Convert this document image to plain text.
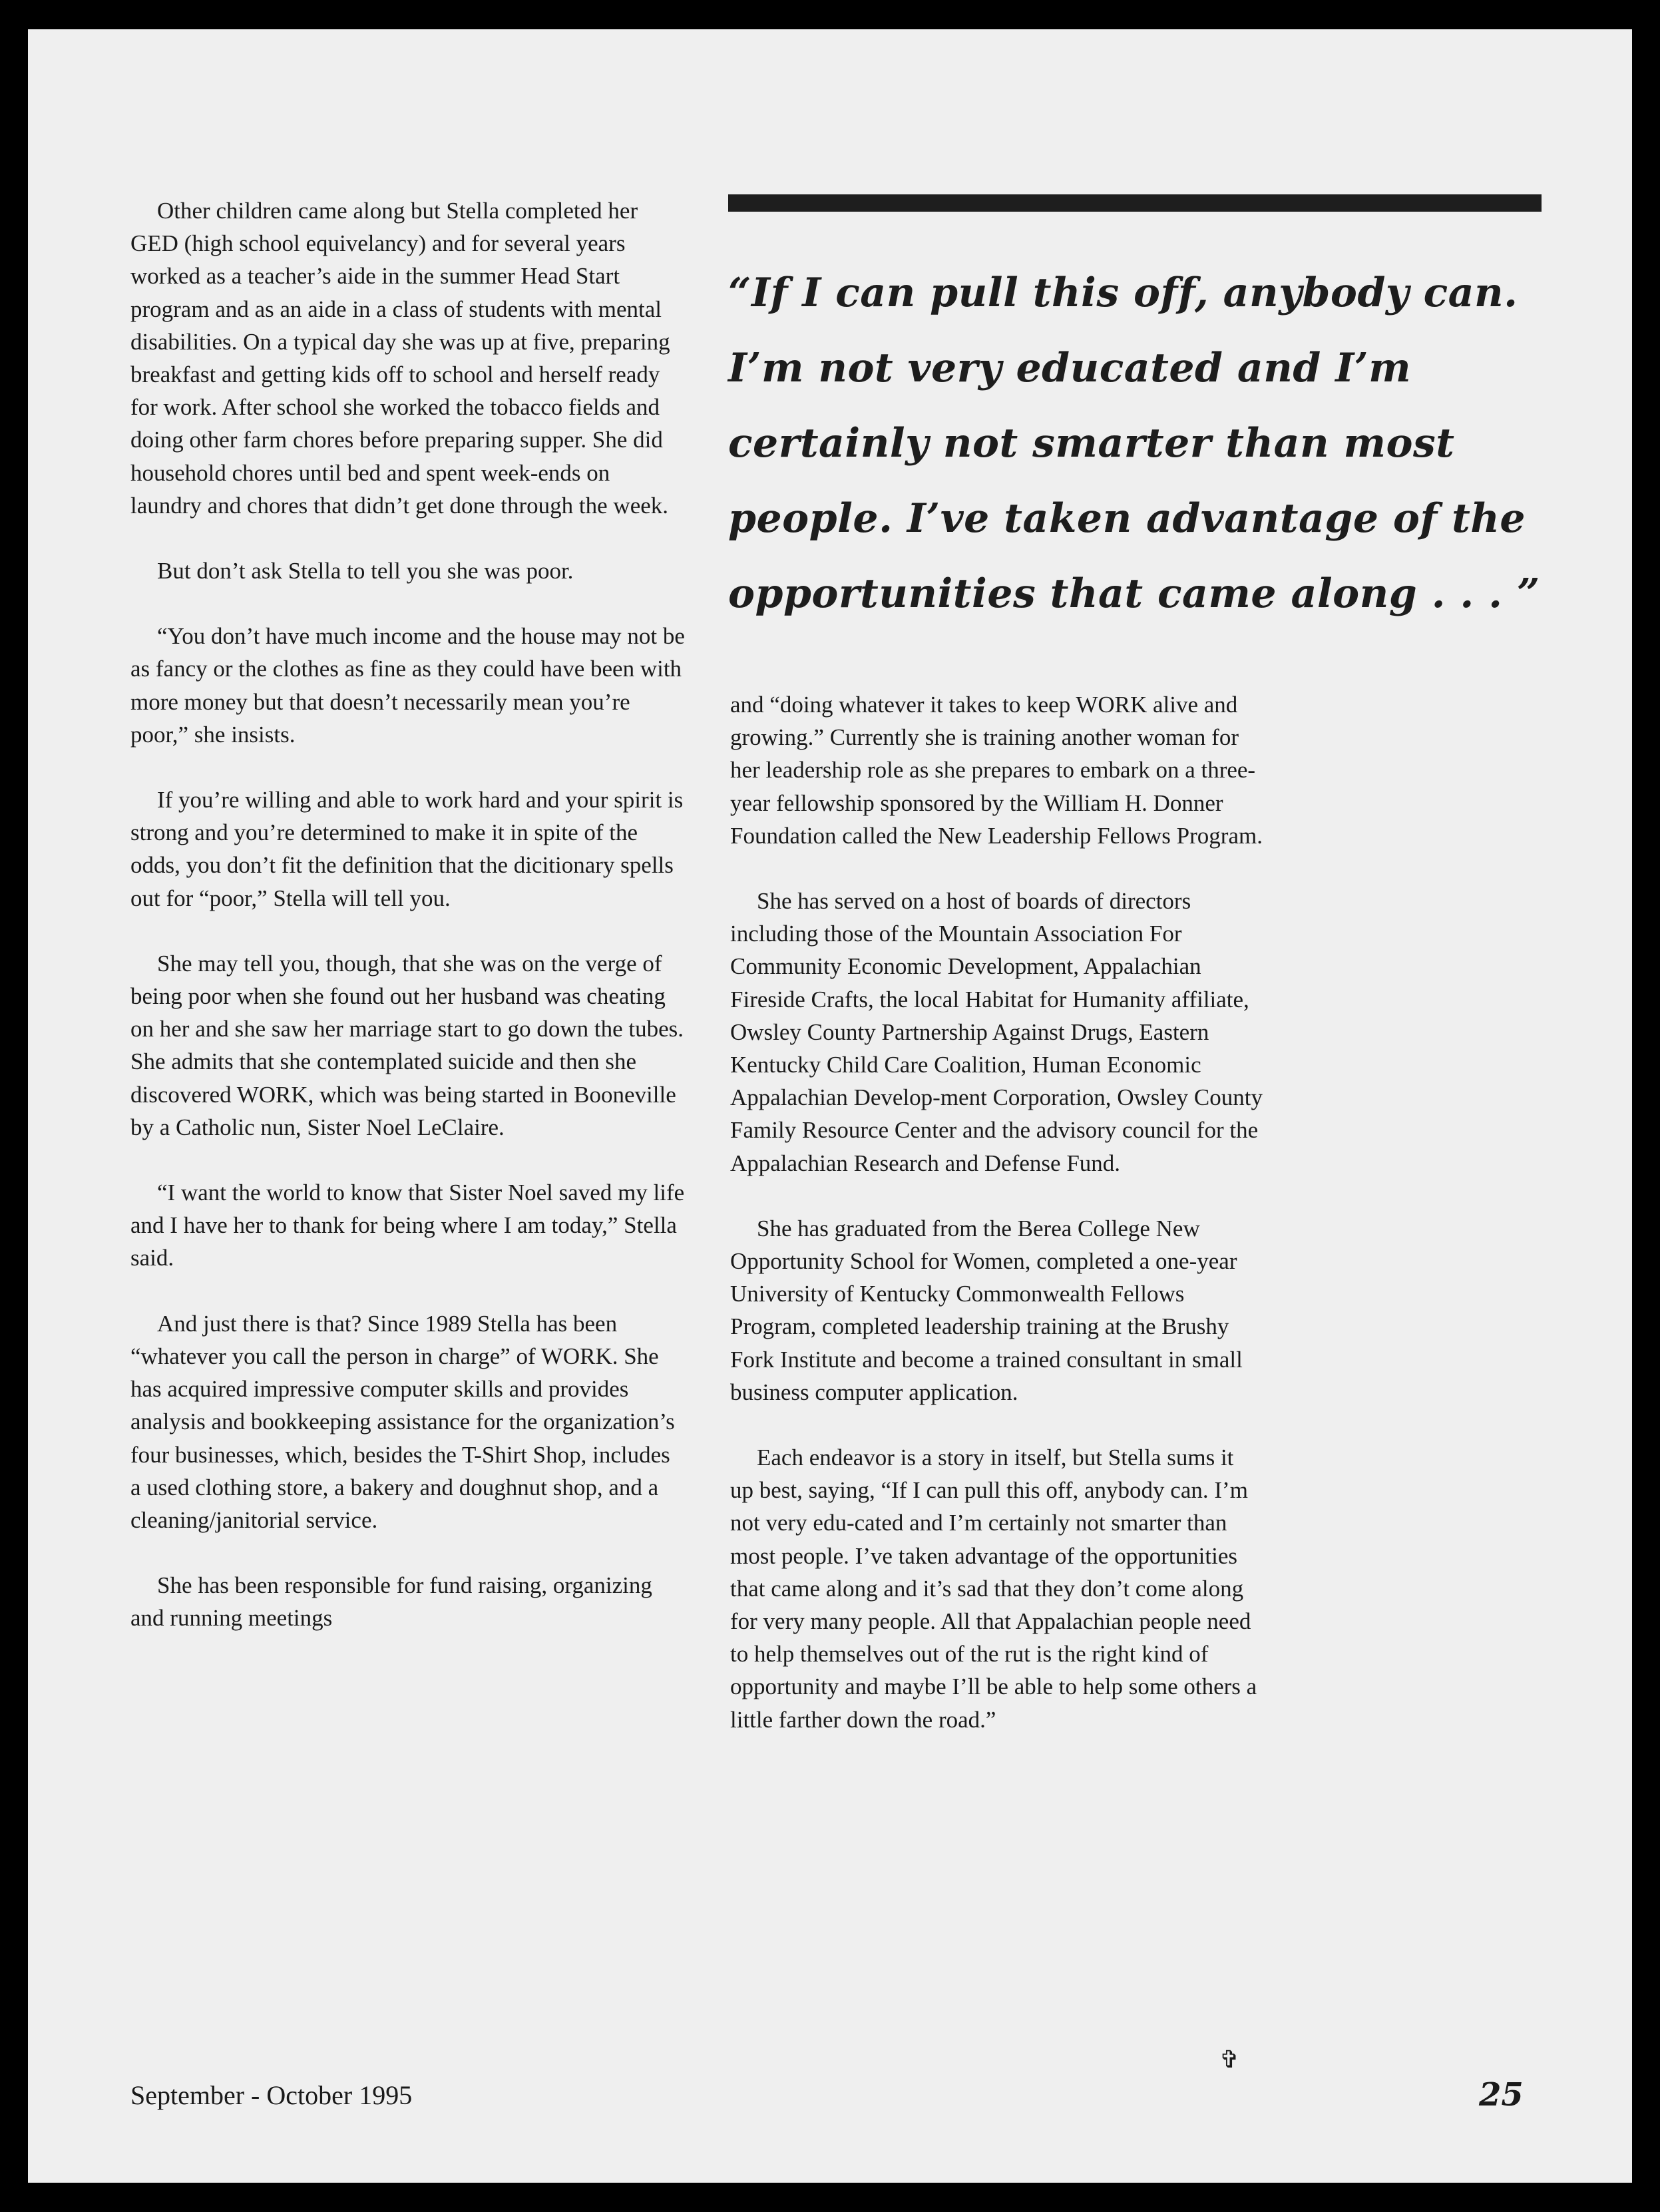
Other children came along but Stella completed her GED (high school equivelancy) and for several years worked as a teacher’s aide in the summer Head Start program and as an aide in a class of students with mental disabilities. On a typical day she was up at five, preparing breakfast and getting kids off to school and herself ready for work. After school she worked the tobacco fields and doing other farm chores before preparing supper. She did household chores until bed and spent week-ends on laundry and chores that didn’t get done through the week.

But don’t ask Stella to tell you she was poor.

“You don’t have much income and the house may not be as fancy or the clothes as fine as they could have been with more money but that doesn’t necessarily mean you’re poor,” she insists.

If you’re willing and able to work hard and your spirit is strong and you’re determined to make it in spite of the odds, you don’t fit the definition that the dicitionary spells out for “poor,” Stella will tell you.

She may tell you, though, that she was on the verge of being poor when she found out her husband was cheating on her and she saw her marriage start to go down the tubes. She admits that she contemplated suicide and then she discovered WORK, which was being started in Booneville by a Catholic nun, Sister Noel LeClaire.

“I want the world to know that Sister Noel saved my life and I have her to thank for being where I am today,” Stella said.

And just there is that? Since 1989 Stella has been “whatever you call the person in charge” of WORK. She has acquired impressive computer skills and provides analysis and bookkeeping assistance for the organization’s four businesses, which, besides the T-Shirt Shop, includes a used clothing store, a bakery and doughnut shop, and a cleaning/janitorial service.

She has been responsible for fund raising, organizing and running meetings

“If I can pull this off, anybody can.
I’m not very educated and I’m
certainly not smarter than most
people. I’ve taken advantage of the
opportunities that came along . . . ”

and “doing whatever it takes to keep WORK alive and growing.” Currently she is training another woman for her leadership role as she prepares to embark on a three-year fellowship sponsored by the William H. Donner Foundation called the New Leadership Fellows Program.

She has served on a host of boards of directors including those of the Mountain Association For Community Economic Development, Appalachian Fireside Crafts, the local Habitat for Humanity affiliate, Owsley County Partnership Against Drugs, Eastern Kentucky Child Care Coalition, Human Economic Appalachian Develop-ment Corporation, Owsley County Family Resource Center and the advisory council for the Appalachian Research and Defense Fund.

She has graduated from the Berea College New Opportunity School for Women, completed a one-year University of Kentucky Commonwealth Fellows Program, completed leadership training at the Brushy Fork Institute and become a trained consultant in small business computer application.

Each endeavor is a story in itself, but Stella sums it up best, saying, “If I can pull this off, anybody can. I’m not very edu-cated and I’m certainly not smarter than most people. I’ve taken advantage of the opportunities that came along and it’s sad that they don’t come along for very many people. All that Appalachian people need to help themselves out of the rut is the right kind of opportunity and maybe I’ll be able to help some others a little farther down the road.”

✞
September - October 1995	25
